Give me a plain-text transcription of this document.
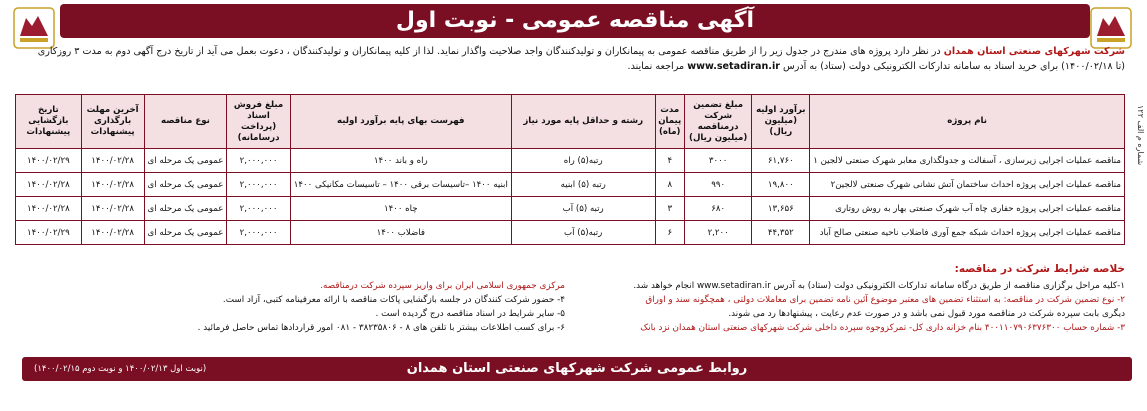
آگهی مناقصه عمومی - نوبت اول
شماره م الف ۱۲۲
شرکت شهرکهای صنعتی استان همدان در نظر دارد پروژه های مندرج در جدول زیر را از طریق مناقصه عمومی به پیمانکاران و تولیدکنندگان واجد صلاحیت واگذار نماید. لذا از کلیه پیمانکاران و تولیدکنندگان ، دعوت بعمل می آید از تاریخ درج آگهی دوم به مدت ۳ روزکاری
(تا ۱۴۰۰/۰۲/۱۸) برای خرید اسناد به سامانه تدارکات الکترونیکی دولت (ستاد) به آدرس www.setadiran.ir مراجعه نمایند.
نام پروژه	برآورد اولیه (میلیون ریال)	مبلغ تضمین شرکت درمناقصه (میلیون ریال)	مدت پیمان (ماه)	رشته و حداقل پایه مورد نیاز	فهرست بهای پایه برآورد اولیه	مبلغ فروش اسناد (پرداخت درسامانه)	نوع مناقصه	آخرین مهلت بارگذاری پیشنهادات	تاریخ بازگشایی پیشنهادات
مناقصه عملیات اجرایی زیرسازی ، آسفالت و جدولگذاری معابر شهرک صنعتی لالجین ۱	۶۱,۷۶۰	۳۰۰۰	۴	رتبه(۵) راه	راه و باند ۱۴۰۰	۲,۰۰۰,۰۰۰	عمومی یک مرحله ای	۱۴۰۰/۰۲/۲۸	۱۴۰۰/۰۲/۲۹
مناقصه عملیات اجرایی پروژه احداث ساختمان آتش نشانی شهرک صنعتی لالجین۲	۱۹,۸۰۰	۹۹۰	۸	رتبه (۵) ابنیه	ابنیه ۱۴۰۰ –تاسیسات برقی ۱۴۰۰ – تاسیسات مکانیکی ۱۴۰۰	۲,۰۰۰,۰۰۰	عمومی یک مرحله ای	۱۴۰۰/۰۲/۲۸	۱۴۰۰/۰۲/۲۸
مناقصه عملیات اجرایی پروژه حفاری چاه آب شهرک صنعتی بهار به روش روتاری	۱۳,۶۵۶	۶۸۰	۳	رتبه (۵) آب	چاه ۱۴۰۰	۲,۰۰۰,۰۰۰	عمومی یک مرحله ای	۱۴۰۰/۰۲/۲۸	۱۴۰۰/۰۲/۲۸
مناقصه عملیات اجرایی پروژه احداث شبکه جمع آوری فاضلاب ناحیه صنعتی صالح آباد	۴۴,۳۵۲	۲,۲۰۰	۶	رتبه(۵) آب	فاضلاب ۱۴۰۰	۲,۰۰۰,۰۰۰	عمومی یک مرحله ای	۱۴۰۰/۰۲/۲۸	۱۴۰۰/۰۲/۲۹
خلاصه شرایط شرکت در مناقصه:
۱-کلیه مراحل برگزاری مناقصه از طریق درگاه سامانه تدارکات الکترونیکی دولت (ستاد) به آدرس www.setadiran.ir انجام خواهد شد.
مرکزی جمهوری اسلامی ایران برای واریز سپرده شرکت درمناقصه.
۲- نوع تضمین شرکت در مناقصه: به استثناء تضمین های معتبر موضوع آئین نامه تضمین برای معاملات دولتی ، همچگونه سند و اوراق
۴- حضور شرکت کنندگان در جلسه بازگشایی پاکات مناقصه با ارائه معرفینامه کتبی، آزاد است.
دیگری بابت سپرده شرکت در مناقصه مورد قبول نمی باشد و در صورت عدم رعایت ، پیشنهادها رد می شوند.
۵- سایر شرایط در اسناد مناقصه درج گردیده است .
۳- شماره حساب ۴۰۰۱۱۰۷۹۰۶۳۷۶۳۰۰ بنام خزانه داری کل- تمرکزوجوه سپرده داخلی شرکت شهرکهای صنعتی استان همدان نزد بانک
۶- برای کسب اطلاعات بیشتر با تلفن های ۸ - ۳۸۲۳۵۸۰۶ - ۰۸۱ امور قراردادها تماس حاصل فرمائید .
روابط عمومی شرکت شهرکهای صنعتی استان همدان
(نوبت اول ۱۴۰۰/۰۲/۱۳ و نوبت دوم ۱۴۰۰/۰۲/۱۵)
